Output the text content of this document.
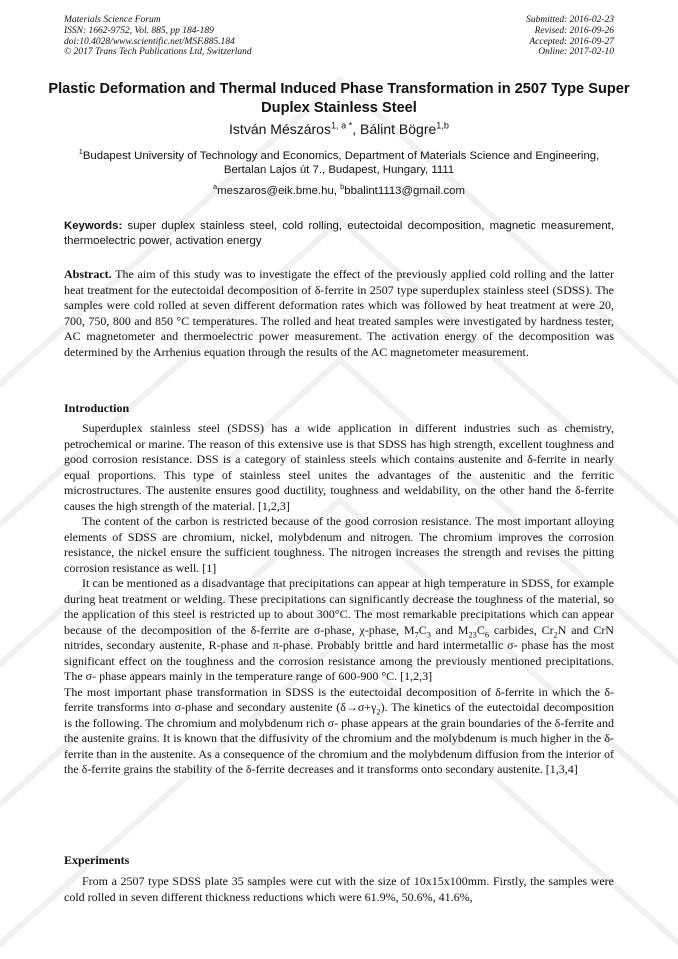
Materials Science Forum
ISSN: 1662-9752, Vol. 885, pp 184-189
doi:10.4028/www.scientific.net/MSF.885.184
© 2017 Trans Tech Publications Ltd, Switzerland
Submitted: 2016-02-23
Revised: 2016-09-26
Accepted: 2016-09-27
Online: 2017-02-10
Plastic Deformation and Thermal Induced Phase Transformation in 2507 Type Super Duplex Stainless Steel
István Mészáros$^{1, a *}$, Bálint Bögre$^{1,b}$
$^1$Budapest University of Technology and Economics, Department of Materials Science and Engineering, Bertalan Lajos út 7., Budapest, Hungary, 1111
$^a$meszaros@eik.bme.hu, $^b$bbalint1113@gmail.com
Keywords: super duplex stainless steel, cold rolling, eutectoidal decomposition, magnetic measurement, thermoelectric power, activation energy
Abstract. The aim of this study was to investigate the effect of the previously applied cold rolling and the latter heat treatment for the eutectoidal decomposition of δ-ferrite in 2507 type superduplex stainless steel (SDSS). The samples were cold rolled at seven different deformation rates which was followed by heat treatment at were 20, 700, 750, 800 and 850 °C temperatures. The rolled and heat treated samples were investigated by hardness tester, AC magnetometer and thermoelectric power measurement. The activation energy of the decomposition was determined by the Arrhenius equation through the results of the AC magnetometer measurement.
Introduction

Superduplex stainless steel (SDSS) has a wide application in different industries such as chemistry, petrochemical or marine. The reason of this extensive use is that SDSS has high strength, excellent toughness and good corrosion resistance. DSS is a category of stainless steels which contains austenite and δ-ferrite in nearly equal proportions. This type of stainless steel unites the advantages of the austenitic and the ferritic microstructures. The austenite ensures good ductility, toughness and weldability, on the other hand the δ-ferrite causes the high strength of the material. [1,2,3]

The content of the carbon is restricted because of the good corrosion resistance. The most important alloying elements of SDSS are chromium, nickel, molybdenum and nitrogen. The chromium improves the corrosion resistance, the nickel ensure the sufficient toughness. The nitrogen increases the strength and revises the pitting corrosion resistance as well. [1]

It can be mentioned as a disadvantage that precipitations can appear at high temperature in SDSS, for example during heat treatment or welding. These precipitations can significantly decrease the toughness of the material, so the application of this steel is restricted up to about 300°C. The most remarkable precipitations which can appear because of the decomposition of the δ-ferrite are σ-phase, χ-phase, $M_7C_3$ and $M_{23}C_6$ carbides, $Cr_2N$ and CrN nitrides, secondary austenite, R-phase and π-phase. Probably brittle and hard intermetallic σ- phase has the most significant effect on the toughness and the corrosion resistance among the previously mentioned precipitations. The σ- phase appears mainly in the temperature range of 600-900 °C. [1,2,3]

The most important phase transformation in SDSS is the eutectoidal decomposition of δ-ferrite in which the δ-ferrite transforms into σ-phase and secondary austenite $(\delta\to\sigma+\gamma_2)$. The kinetics of the eutectoidal decomposition is the following. The chromium and molybdenum rich σ- phase appears at the grain boundaries of the δ-ferrite and the austenite grains. It is known that the diffusivity of the chromium and the molybdenum is much higher in the δ-ferrite than in the austenite. As a consequence of the chromium and the molybdenum diffusion from the interior of the δ-ferrite grains the stability of the δ-ferrite decreases and it transforms onto secondary austenite. [1,3,4]

Experiments

From a 2507 type SDSS plate 35 samples were cut with the size of 10x15x100mm. Firstly, the samples were cold rolled in seven different thickness reductions which were 61.9%, 50.6%, 41.6%,
